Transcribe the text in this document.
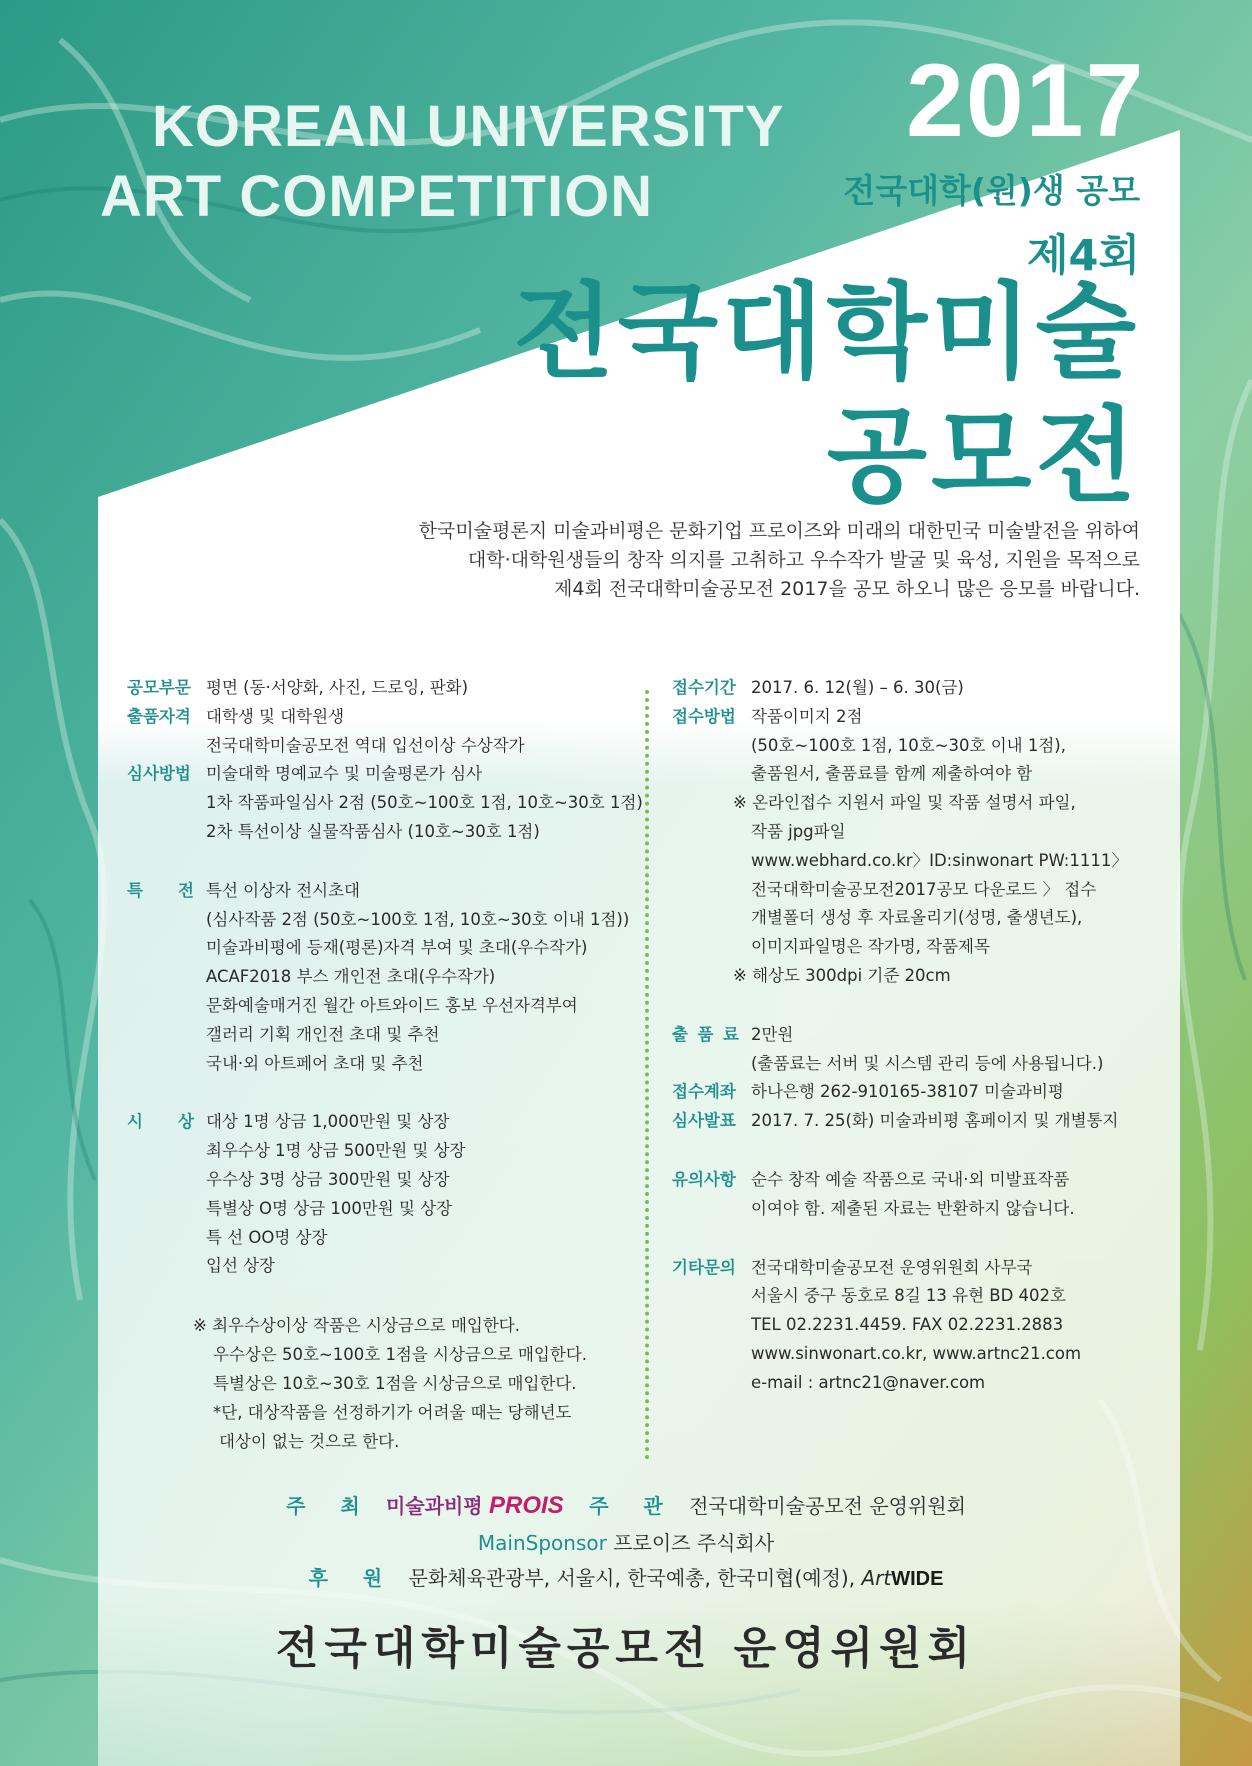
KOREAN UNIVERSITY
ART COMPETITION
2017
전국대학(원)생 공모
제4회
전국대학미술
공모전
한국미술평론지 미술과비평은 문화기업 프로이즈와 미래의 대한민국 미술발전을 위하여
대학·대학원생들의 창작 의지를 고취하고 우수작가 발굴 및 육성, 지원을 목적으로
제4회 전국대학미술공모전 2017을 공모 하오니 많은 응모를 바랍니다.
공모부문 평면 (동·서양화, 사진, 드로잉, 판화)
출품자격 대학생 및 대학원생
전국대학미술공모전 역대 입선이상 수상작가
심사방법 미술대학 명예교수 및 미술평론가 심사
1차 작품파일심사 2점 (50호~100호 1점, 10호~30호 1점)
2차 특선이상 실물작품심사 (10호~30호 1점)
특 전 특선 이상자 전시초대
(심사작품 2점 (50호~100호 1점, 10호~30호 이내 1점))
미술과비평에 등재(평론)자격 부여 및 초대(우수작가)
ACAF2018 부스 개인전 초대(우수작가)
문화예술매거진 월간 아트와이드 홍보 우선자격부여
갤러리 기획 개인전 초대 및 추천
국내·외 아트페어 초대 및 추천
시 상 대상 1명 상금 1,000만원 및 상장
최우수상 1명 상금 500만원 및 상장
우수상 3명 상금 300만원 및 상장
특별상 O명 상금 100만원 및 상장
특 선 OO명 상장
입선 상장
※ 최우수상이상 작품은 시상금으로 매입한다.
우수상은 50호~100호 1점을 시상금으로 매입한다.
특별상은 10호~30호 1점을 시상금으로 매입한다.
*단, 대상작품을 선정하기가 어려울 때는 당해년도
대상이 없는 것으로 한다.
접수기간 2017. 6. 12(월) – 6. 30(금)
접수방법 작품이미지 2점
(50호~100호 1점, 10호~30호 이내 1점),
출품원서, 출품료를 함께 제출하여야 함
※ 온라인접수 지원서 파일 및 작품 설명서 파일,
작품 jpg파일
www.webhard.co.kr〉ID:sinwonart PW:1111〉
전국대학미술공모전2017공모 다운로드 〉 접수
개별폴더 생성 후 자료올리기(성명, 출생년도),
이미지파일명은 작가명, 작품제목
※ 해상도 300dpi 기준 20cm
출 품 료 2만원
(출품료는 서버 및 시스템 관리 등에 사용됩니다.)
접수계좌 하나은행 262-910165-38107 미술과비평
심사발표 2017. 7. 25(화) 미술과비평 홈페이지 및 개별통지
유의사항 순수 창작 예술 작품으로 국내·외 미발표작품
이여야 함. 제출된 자료는 반환하지 않습니다.
기타문의 전국대학미술공모전 운영위원회 사무국
서울시 중구 동호로 8길 13 유현 BD 402호
TEL 02.2231.4459. FAX 02.2231.2883
www.sinwonart.co.kr, www.artnc21.com
e-mail : artnc21@naver.com
주 최 미술과비평 PROIS 주 관 전국대학미술공모전 운영위원회
MainSponsor 프로이즈 주식회사
후 원 문화체육관광부, 서울시, 한국예총, 한국미협(예정), ArtWIDE
전국대학미술공모전 운영위원회
